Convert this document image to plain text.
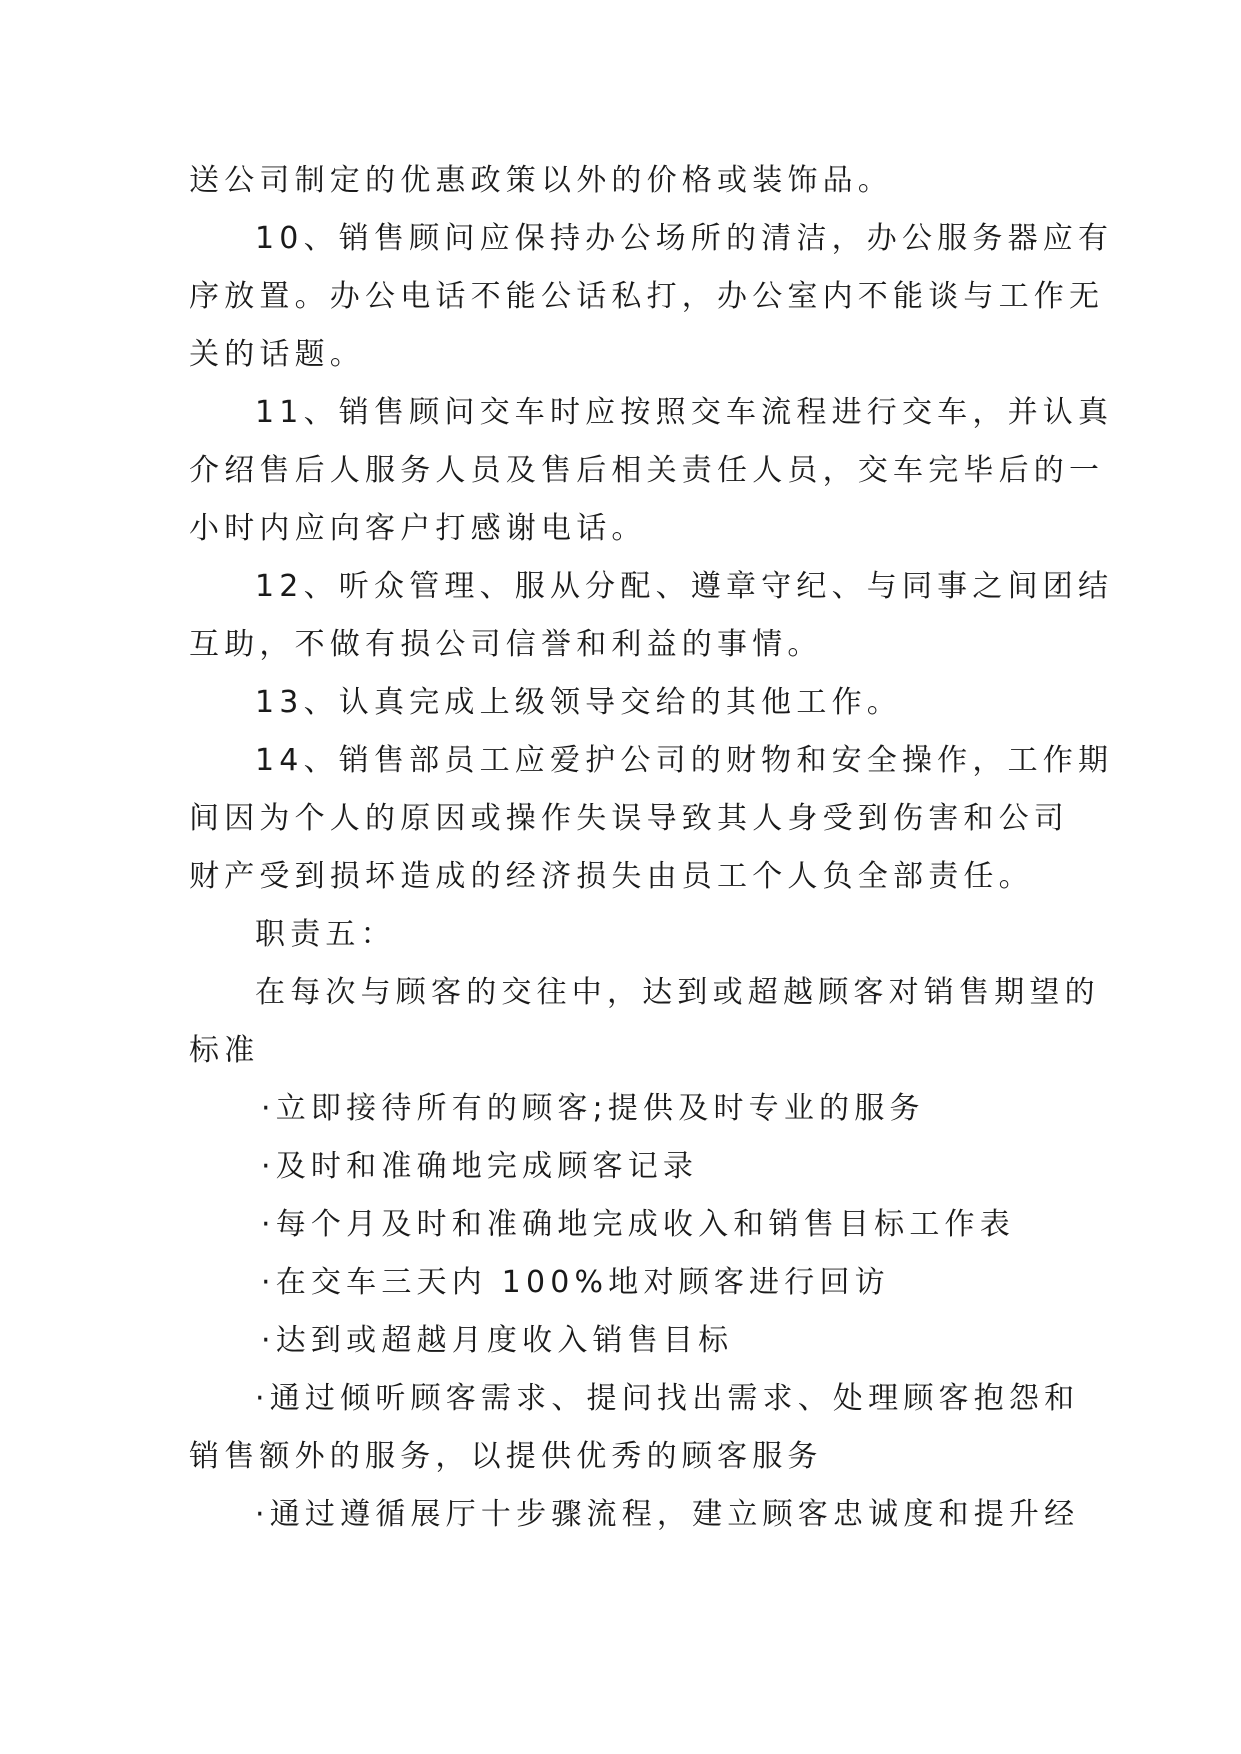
送公司制定的优惠政策以外的价格或装饰品。
10、销售顾问应保持办公场所的清洁，办公服务器应有
序放置。办公电话不能公话私打，办公室内不能谈与工作无
关的话题。
11、销售顾问交车时应按照交车流程进行交车，并认真
介绍售后人服务人员及售后相关责任人员，交车完毕后的一
小时内应向客户打感谢电话。
12、听众管理、服从分配、遵章守纪、与同事之间团结
互助，不做有损公司信誉和利益的事情。
13、认真完成上级领导交给的其他工作。
14、销售部员工应爱护公司的财物和安全操作，工作期
间因为个人的原因或操作失误导致其人身受到伤害和公司
财产受到损坏造成的经济损失由员工个人负全部责任。
职责五：
在每次与顾客的交往中，达到或超越顾客对销售期望的
标准
·立即接待所有的顾客;提供及时专业的服务
·及时和准确地完成顾客记录
·每个月及时和准确地完成收入和销售目标工作表
·在交车三天内 100%地对顾客进行回访
·达到或超越月度收入销售目标
·通过倾听顾客需求、提问找出需求、处理顾客抱怨和
销售额外的服务，以提供优秀的顾客服务
·通过遵循展厅十步骤流程，建立顾客忠诚度和提升经
